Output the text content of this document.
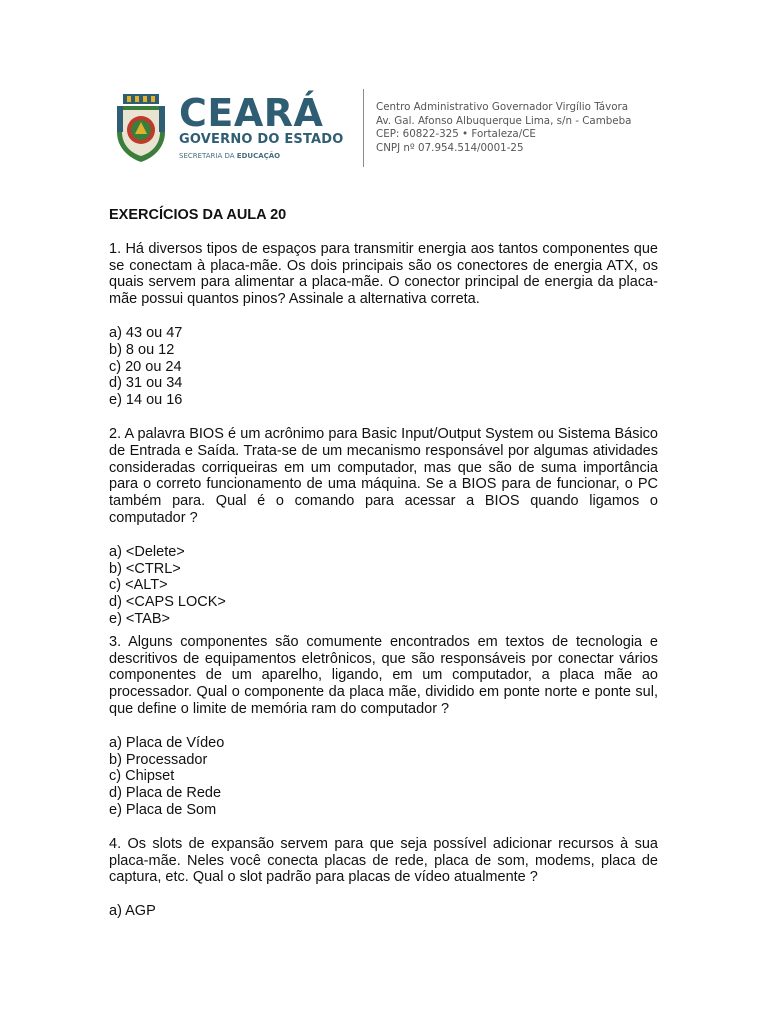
CEARÁ
GOVERNO DO ESTADO
SECRETARIA DA EDUCAÇÃO
Centro Administrativo Governador Virgílio Távora
Av. Gal. Afonso Albuquerque Lima, s/n - Cambeba
CEP: 60822-325 • Fortaleza/CE
CNPJ nº 07.954.514/0001-25
EXERCÍCIOS DA AULA 20
1. Há diversos tipos de espaços para transmitir energia aos tantos componentes que se conectam à placa-mãe. Os dois principais são os conectores de energia ATX, os quais servem para alimentar a placa-mãe. O conector principal de energia da placa-mãe possui quantos pinos? Assinale a alternativa correta.
a) 43 ou 47
b) 8 ou 12
c) 20 ou 24
d) 31 ou 34
e) 14 ou 16
2. A palavra BIOS é um acrônimo para Basic Input/Output System ou Sistema Básico de Entrada e Saída. Trata-se de um mecanismo responsável por algumas atividades consideradas corriqueiras em um computador, mas que são de suma importância para o correto funcionamento de uma máquina. Se a BIOS para de funcionar, o PC também para. Qual é o comando para acessar a BIOS quando ligamos o computador ?
a) <Delete>
b) <CTRL>
c) <ALT>
d) <CAPS LOCK>
e) <TAB>
3. Alguns componentes são comumente encontrados em textos de tecnologia e descritivos de equipamentos eletrônicos, que são responsáveis por conectar vários componentes de um aparelho, ligando, em um computador, a placa mãe ao processador. Qual o componente da placa mãe, dividido em ponte norte e ponte sul, que define o limite de memória ram do computador ?
a) Placa de Vídeo
b) Processador
c) Chipset
d) Placa de Rede
e) Placa de Som
4. Os slots de expansão servem para que seja possível adicionar recursos à sua placa-mãe. Neles você conecta placas de rede, placa de som, modems, placa de captura, etc. Qual o slot padrão para placas de vídeo atualmente ?
a) AGP
